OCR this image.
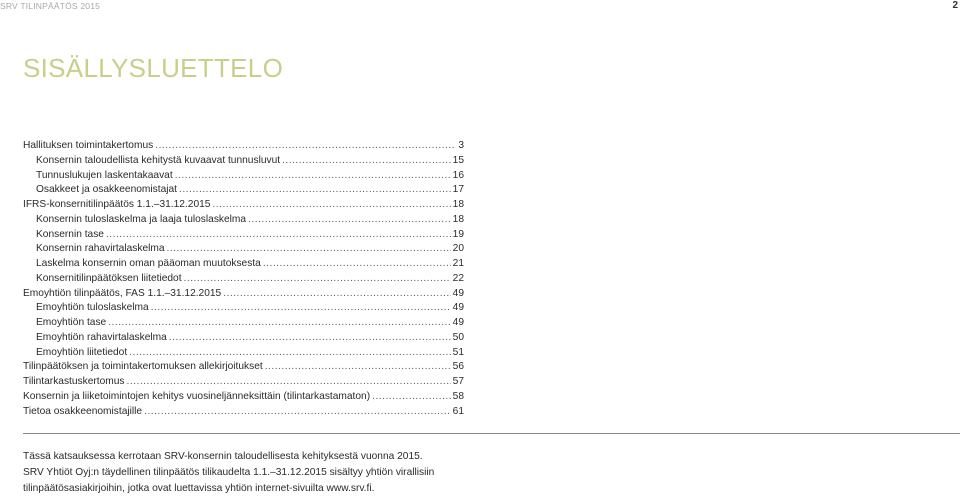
SRV TILINPÄÄTÖS 2015	2
SISÄLLYSLUETTELO
Hallituksen toimintakertomus .....	3
Konsernin taloudellista kehitystä kuvaavat tunnusluvut .....	15
Tunnuslukujen laskentakaavat .....	16
Osakkeet ja osakkeenomistajat .....	17
IFRS-konsernitilinpäätös 1.1.–31.12.2015 .....	18
Konsernin tuloslaskelma ja laaja tuloslaskelma .....	18
Konsernin tase .....	19
Konsernin rahavirtalaskelma .....	20
Laskelma konsernin oman pääoman muutoksesta .....	21
Konsernitilinpäätöksen liitetiedot .....	22
Emoyhtiön tilinpäätös, FAS 1.1.–31.12.2015 .....	49
Emoyhtiön tuloslaskelma .....	49
Emoyhtiön tase .....	49
Emoyhtiön rahavirtalaskelma .....	50
Emoyhtiön liitetiedot .....	51
Tilinpäätöksen ja toimintakertomuksen allekirjoitukset .....	56
Tilintarkastuskertomus .....	57
Konsernin ja liiketoimintojen kehitys vuosineljänneksittäin (tilintarkastamaton) .....	58
Tietoa osakkeenomistajille .....	61

Tässä katsauksessa kerrotaan SRV-konsernin taloudellisesta kehityksestä vuonna 2015.
SRV Yhtiöt Oyj:n täydellinen tilinpäätös tilikaudelta 1.1.–31.12.2015 sisältyy yhtiön virallisiin
tilinpäätösasiakirjoihin, jotka ovat luettavissa yhtiön internet-sivuilta www.srv.fi.
